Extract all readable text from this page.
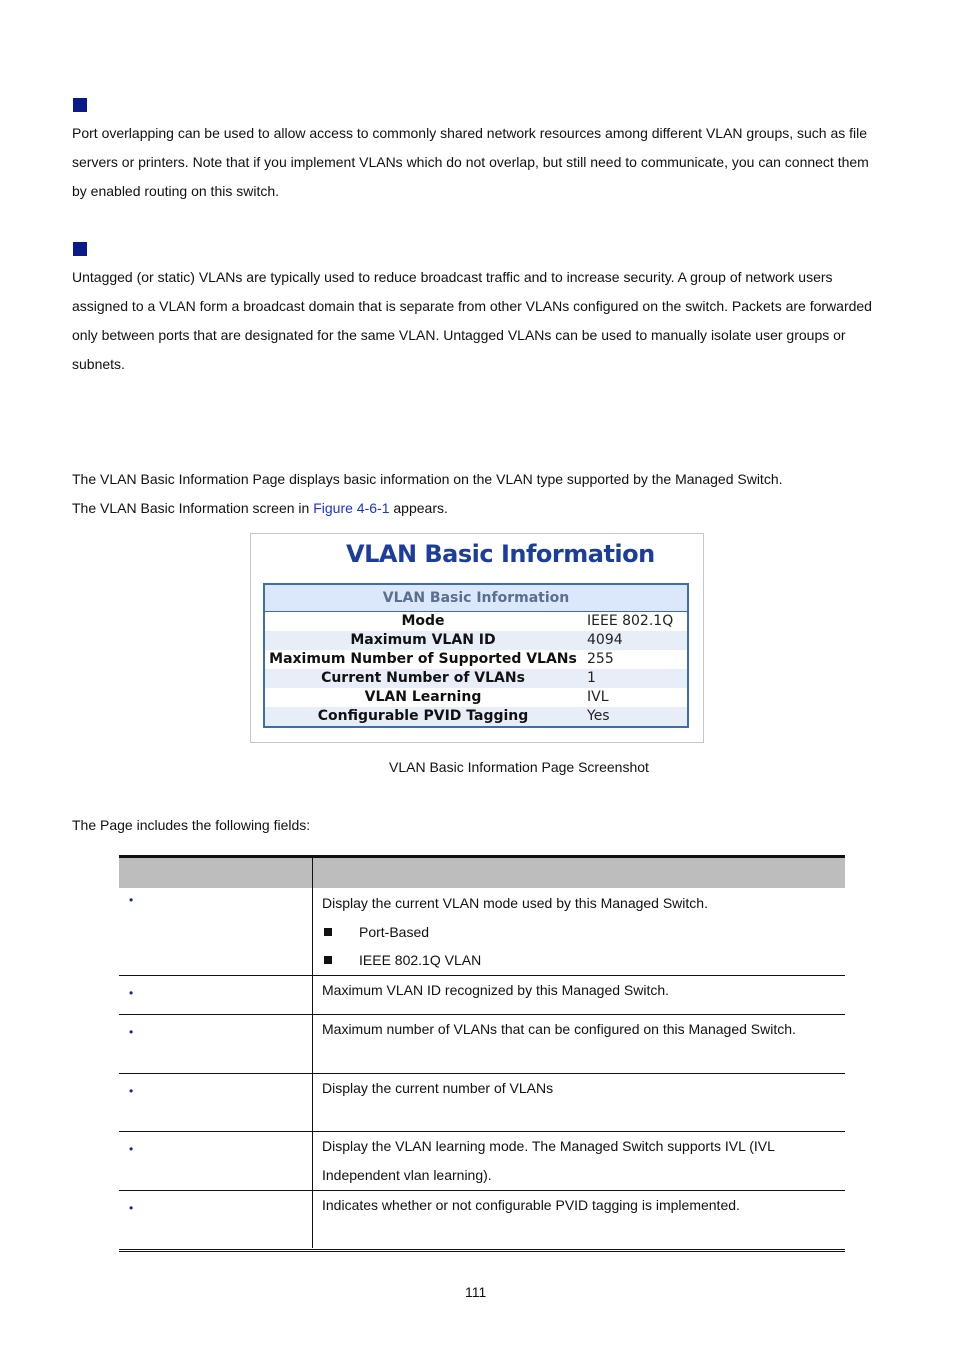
Port overlapping can be used to allow access to commonly shared network resources among different VLAN groups, such as file servers or printers. Note that if you implement VLANs which do not overlap, but still need to communicate, you can connect them by enabled routing on this switch.

Untagged (or static) VLANs are typically used to reduce broadcast traffic and to increase security. A group of network users assigned to a VLAN form a broadcast domain that is separate from other VLANs configured on the switch. Packets are forwarded only between ports that are designated for the same VLAN. Untagged VLANs can be used to manually isolate user groups or subnets.

The VLAN Basic Information Page displays basic information on the VLAN type supported by the Managed Switch.
The VLAN Basic Information screen in Figure 4-6-1 appears.
VLAN Basic Information
VLAN Basic Information	
Mode	IEEE 802.1Q
Maximum VLAN ID	4094
Maximum Number of Supported VLANs	255
Current Number of VLANs	1
VLAN Learning	IVL
Configurable PVID Tagging	Yes
VLAN Basic Information Page Screenshot
The Page includes the following fields:
•	Display the current VLAN mode used by this Managed Switch.
Port-Based
IEEE 802.1Q VLAN
•	Maximum VLAN ID recognized by this Managed Switch.
•	Maximum number of VLANs that can be configured on this Managed Switch.
•	Display the current number of VLANs
•	Display the VLAN learning mode. The Managed Switch supports IVL (IVL Independent vlan learning).
•	Indicates whether or not configurable PVID tagging is implemented.
111
